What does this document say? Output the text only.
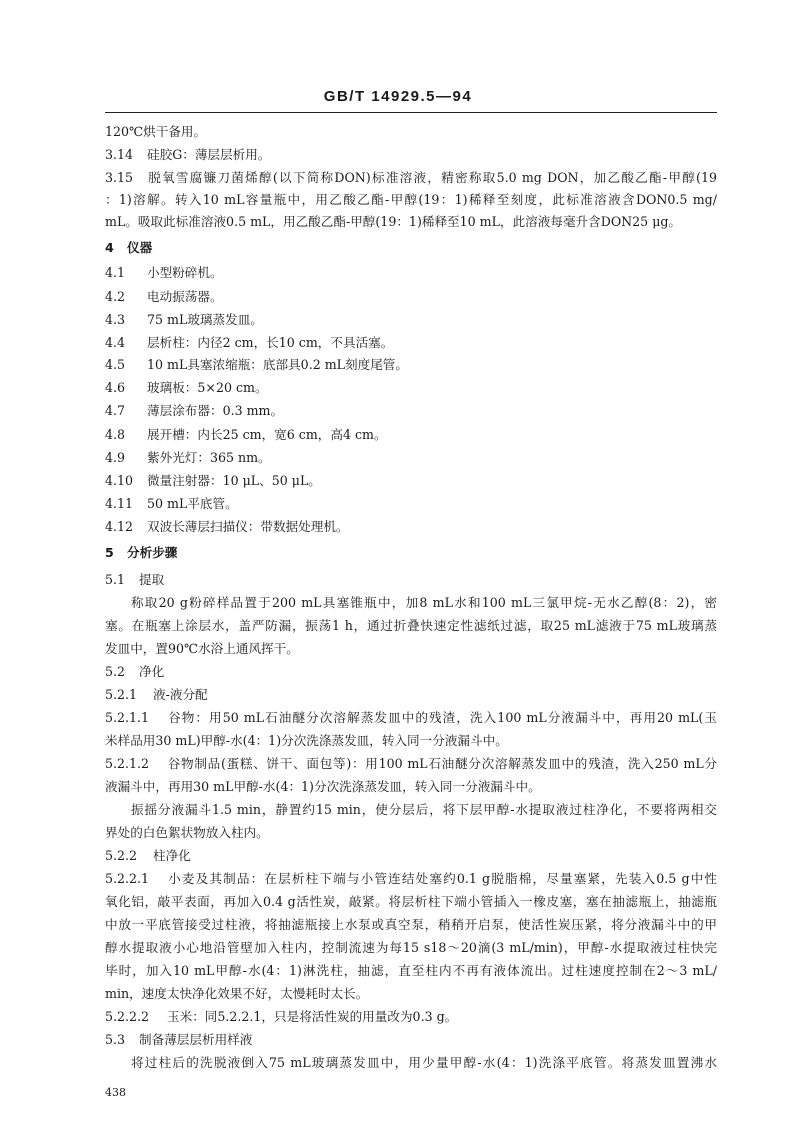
GB/T 14929.5—94
120℃烘干备用。
3.14 硅胶G：薄层层析用。
3.15 脱氧雪腐镰刀菌烯醇(以下简称DON)标准溶液，精密称取5.0 mg DON，加乙酸乙酯-甲醇(19
：1)溶解。转入10 mL容量瓶中，用乙酸乙酯-甲醇(19：1)稀释至刻度，此标准溶液含DON0.5 mg/
mL。吸取此标准溶液0.5 mL，用乙酸乙酯-甲醇(19：1)稀释至10 mL，此溶液每毫升含DON25 μg。
4 仪器
4.1 小型粉碎机。
4.2 电动振荡器。
4.3 75 mL玻璃蒸发皿。
4.4 层析柱：内径2 cm，长10 cm，不具活塞。
4.5 10 mL具塞浓缩瓶：底部具0.2 mL刻度尾管。
4.6 玻璃板：5×20 cm。
4.7 薄层涂布器：0.3 mm。
4.8 展开槽：内长25 cm，宽6 cm，高4 cm。
4.9 紫外光灯：365 nm。
4.10 微量注射器：10 μL、50 μL。
4.11 50 mL平底管。
4.12 双波长薄层扫描仪：带数据处理机。
5 分析步骤
5.1 提取
称取20 g粉碎样品置于200 mL具塞锥瓶中，加8 mL水和100 mL三氯甲烷-无水乙醇(8：2)，密
塞。在瓶塞上涂层水，盖严防漏，振荡1 h，通过折叠快速定性滤纸过滤，取25 mL滤液于75 mL玻璃蒸
发皿中，置90℃水浴上通风挥干。
5.2 净化
5.2.1 液-液分配
5.2.1.1 谷物：用50 mL石油醚分次溶解蒸发皿中的残渣，洗入100 mL分液漏斗中，再用20 mL(玉
米样品用30 mL)甲醇-水(4：1)分次洗涤蒸发皿，转入同一分液漏斗中。
5.2.1.2 谷物制品(蛋糕、饼干、面包等)：用100 mL石油醚分次溶解蒸发皿中的残渣，洗入250 mL分
液漏斗中，再用30 mL甲醇-水(4：1)分次洗涤蒸发皿，转入同一分液漏斗中。
振摇分液漏斗1.5 min，静置约15 min，使分层后，将下层甲醇-水提取液过柱净化，不要将两相交
界处的白色絮状物放入柱内。
5.2.2 柱净化
5.2.2.1 小麦及其制品：在层析柱下端与小管连结处塞约0.1 g脱脂棉，尽量塞紧，先装入0.5 g中性
氧化铝，敲平表面，再加入0.4 g活性炭，敲紧。将层析柱下端小管插入一橡皮塞，塞在抽滤瓶上，抽滤瓶
中放一平底管接受过柱液，将抽滤瓶接上水泵或真空泵，稍稍开启泵，使活性炭压紧，将分液漏斗中的甲
醇水提取液小心地沿管壁加入柱内，控制流速为每15 s18～20滴(3 mL/min)，甲醇-水提取液过柱快完
毕时，加入10 mL甲醇-水(4：1)淋洗柱，抽滤，直至柱内不再有液体流出。过柱速度控制在2～3 mL/
min，速度太快净化效果不好，太慢耗时太长。
5.2.2.2 玉米：同5.2.2.1，只是将活性炭的用量改为0.3 g。
5.3 制备薄层层析用样液
将过柱后的洗脱液倒入75 mL玻璃蒸发皿中，用少量甲醇-水(4：1)洗涤平底管。将蒸发皿置沸水
438
